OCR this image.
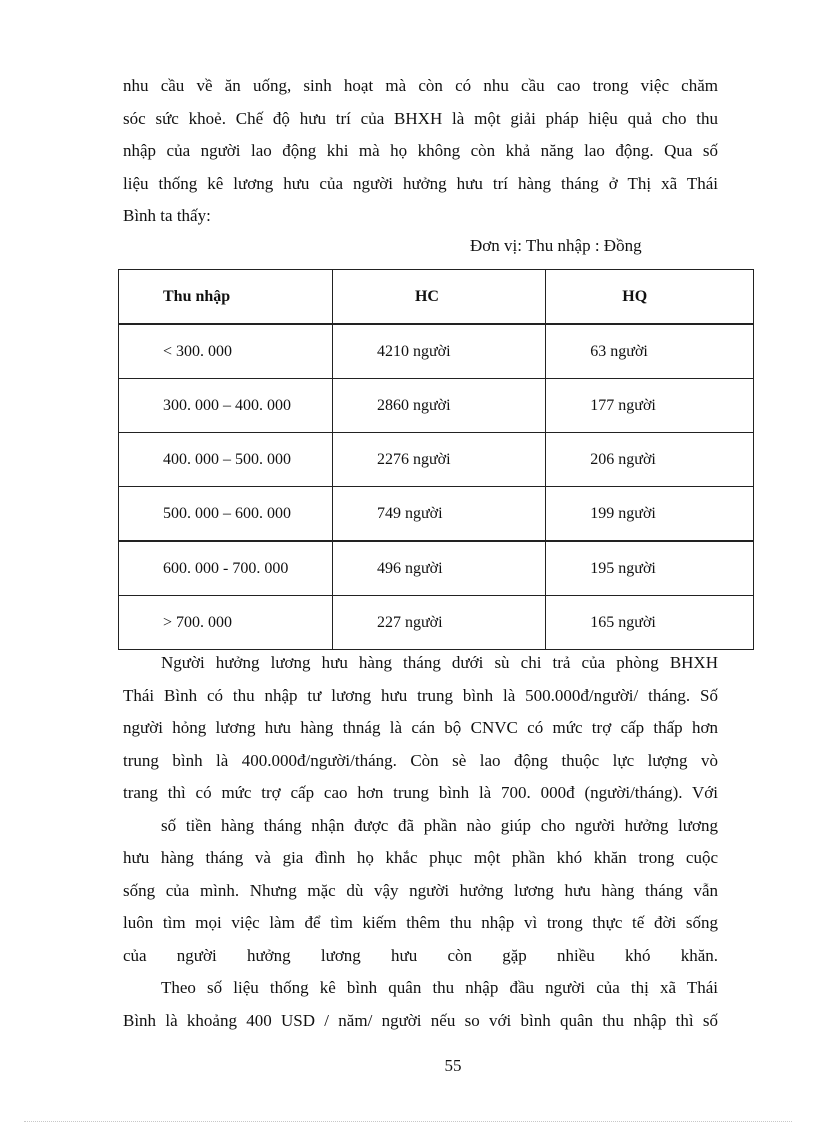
nhu cầu về ăn uống, sinh hoạt mà còn có nhu cầu cao trong việc chăm
sóc sức khoẻ. Chế độ hưu trí của BHXH là một giải pháp hiệu quả cho thu
nhập của người lao động khi mà họ không còn khả năng lao động. Qua số
liệu thống kê lương hưu của người hưởng hưu trí hàng tháng ở Thị xã Thái
Bình ta thấy:

Đơn vị: Thu nhập : Đồng
Thu nhập	HC	HQ
< 300. 000	4210 người	63 người
300. 000 – 400. 000	2860 người	177 người
400. 000 – 500. 000	2276 người	206 người
500. 000 – 600. 000	749 người	199 người
600. 000 - 700. 000	496 người	195 người
> 700. 000	227 người	165 người

Người hưởng lương hưu hàng tháng dưới sù chi trả của phòng BHXH
Thái Bình có thu nhập tư lương hưu trung bình là 500.000đ/người/ tháng. Số
người hỏng lương hưu hàng thnág là cán bộ CNVC có mức trợ cấp thấp hơn
trung bình là 400.000đ/người/tháng. Còn sè lao động thuộc lực lượng vò
trang thì có mức trợ cấp cao hơn trung bình là 700. 000đ (người/tháng). Với
số tiền hàng tháng nhận được đã phần nào giúp cho người hưởng lương
hưu hàng tháng và gia đình họ khắc phục một phần khó khăn trong cuộc
sống của mình. Nhưng mặc dù vậy người hưởng lương hưu hàng tháng vẫn
luôn tìm mọi việc làm để tìm kiếm thêm thu nhập vì trong thực tế đời sống
của người hưởng lương hưu còn gặp nhiều khó khăn.
Theo số liệu thống kê bình quân thu nhập đầu người của thị xã Thái
Bình là khoảng 400 USD / năm/ người nếu so với bình quân thu nhập thì số

55
